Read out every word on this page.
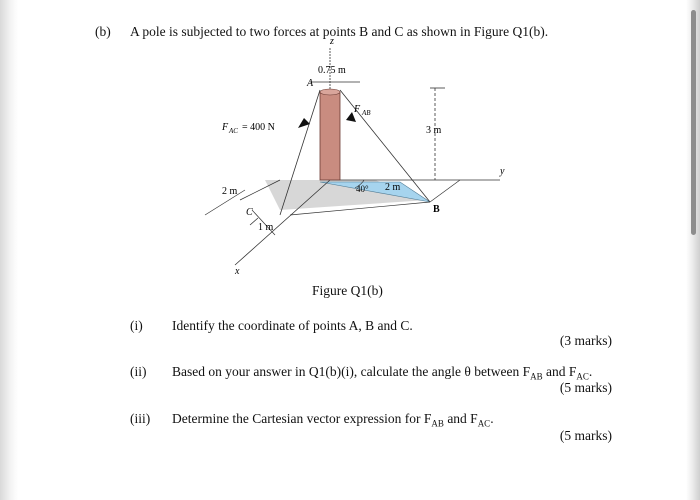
(b) A pole is subjected to two forces at points B and C as shown in Figure Q1(b).
z
y
x
A
B
C
0.75 m
F AB
F AC = 400 N	3 m
2 m	2 m
1 m
40°
Figure Q1(b)
(i) Identify the coordinate of points A, B and C.
(3 marks)
(ii) Based on your answer in Q1(b)(i), calculate the angle θ between $F_{AB}$ and $F_{AC}$.
(5 marks)
(iii) Determine the Cartesian vector expression for $F_{AB}$ and $F_{AC}$.
(5 marks)
